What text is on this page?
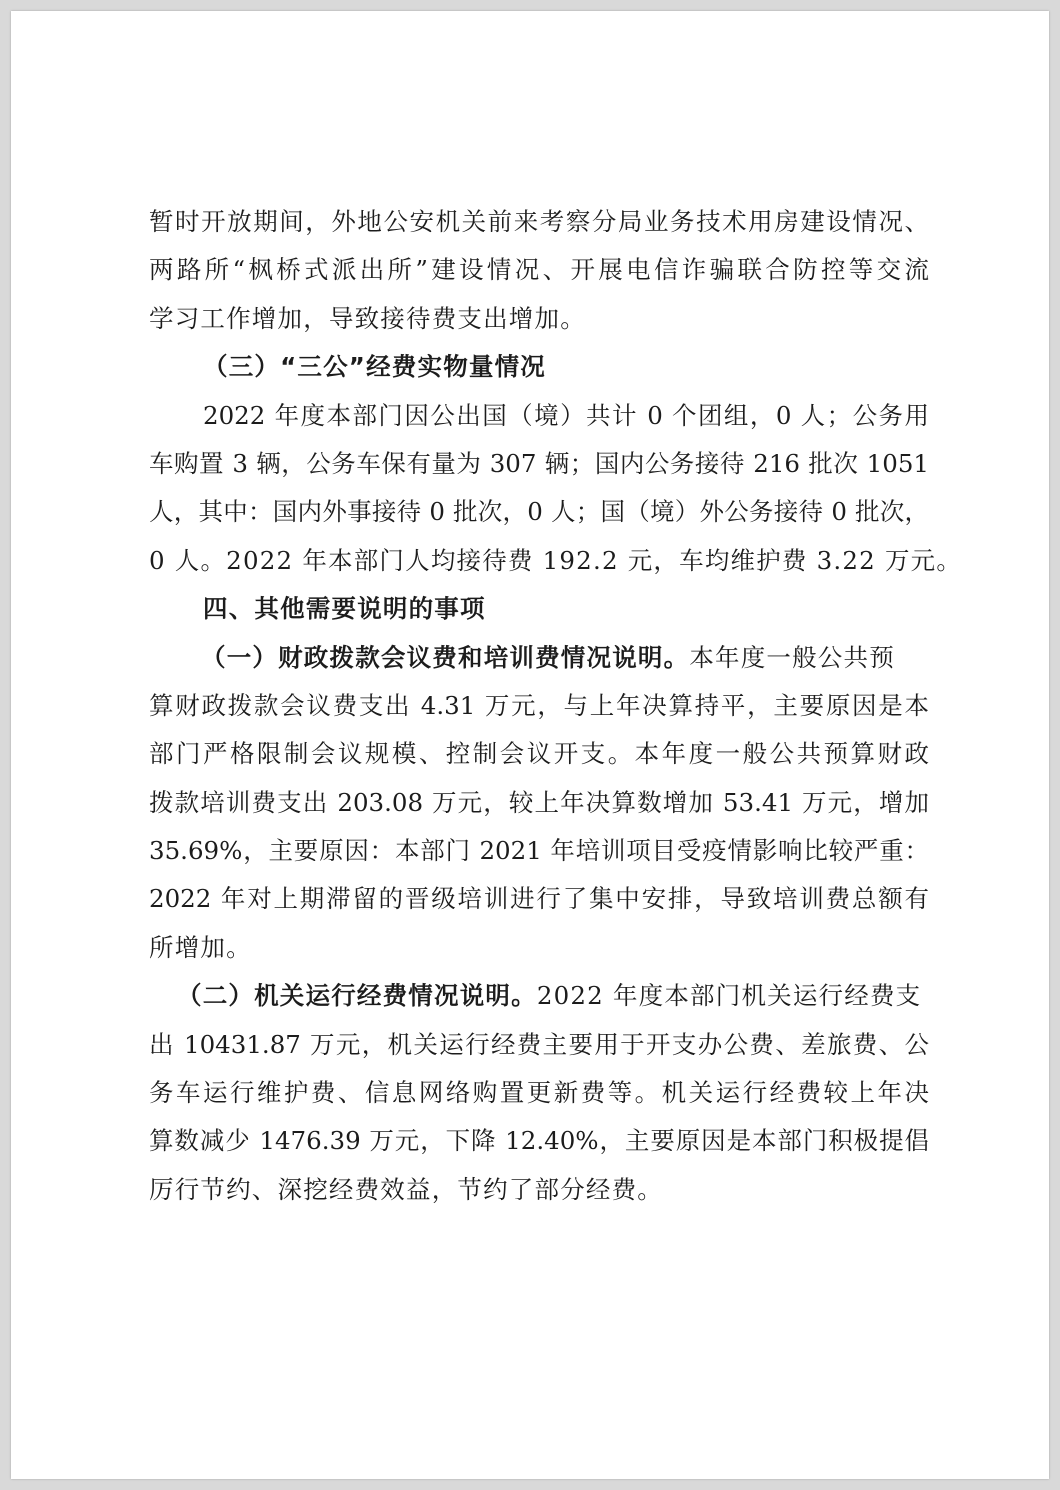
暂时开放期间，外地公安机关前来考察分局业务技术用房建设情况、
两路所“枫桥式派出所”建设情况、开展电信诈骗联合防控等交流
学习工作增加，导致接待费支出增加。
（三）“三公”经费实物量情况
2022 年度本部门因公出国（境）共计 0 个团组，0 人；公务用
车购置 3 辆，公务车保有量为 307 辆；国内公务接待 216 批次 1051
人，其中：国内外事接待 0 批次，0 人；国（境）外公务接待 0 批次，
0 人。2022 年本部门人均接待费 192.2 元，车均维护费 3.22 万元。
四、其他需要说明的事项
（一）财政拨款会议费和培训费情况说明。本年度一般公共预
算财政拨款会议费支出 4.31 万元，与上年决算持平，主要原因是本
部门严格限制会议规模、控制会议开支。本年度一般公共预算财政
拨款培训费支出 203.08 万元，较上年决算数增加 53.41 万元，增加
35.69%，主要原因：本部门 2021 年培训项目受疫情影响比较严重：
2022 年对上期滞留的晋级培训进行了集中安排，导致培训费总额有
所增加。
（二）机关运行经费情况说明。2022 年度本部门机关运行经费支
出 10431.87 万元，机关运行经费主要用于开支办公费、差旅费、公
务车运行维护费、信息网络购置更新费等。机关运行经费较上年决
算数减少 1476.39 万元，下降 12.40%，主要原因是本部门积极提倡
厉行节约、深挖经费效益，节约了部分经费。
